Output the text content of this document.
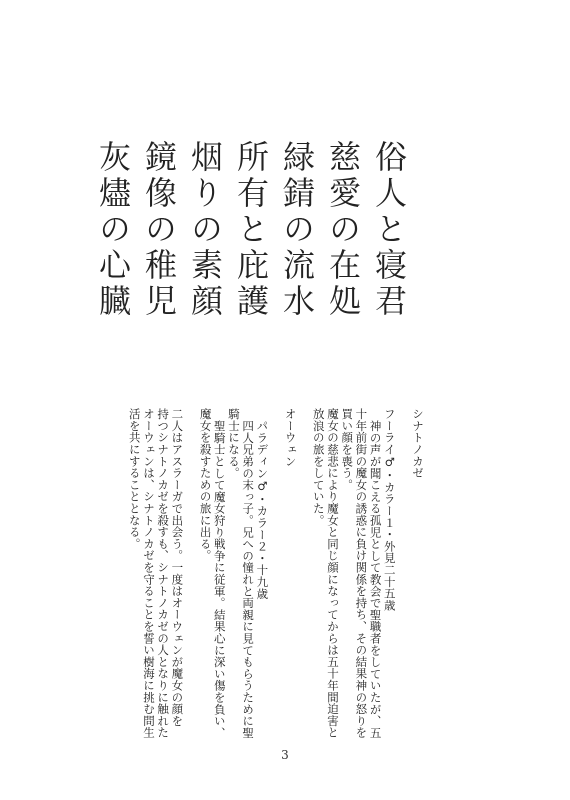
俗人と寝君
慈愛の在処
緑錆の流水
所有と庇護
烟りの素顔
鏡像の稚児
灰燼の心臓
シナトノカゼ
フーライ♂・カラー１・外見二十五歳
神の声が聞こえる孤児として教会で聖職者をしていたが、五
十年前街の魔女の誘惑に負け関係を持ち、その結果神の怒りを
買い顔を喪う。
魔女の慈悲により魔女と同じ顔になってからは五十年間迫害と
放浪の旅をしていた。
オーウェン
パラディン♂・カラー２・十九歳
四人兄弟の末っ子。兄への憧れと両親に見てもらうために聖
騎士になる。
聖騎士として魔女狩り戦争に従軍。結果心に深い傷を負い、
魔女を殺すための旅に出る。
二人はアスラーガで出会う。一度はオーウェンが魔女の顔を
持つシナトノカゼを殺すも、シナトノカゼの人となりに触れた
オーウェンは、シナトノカゼを守ることを誓い樹海に挑む問生
活を共にすることとなる。
3
